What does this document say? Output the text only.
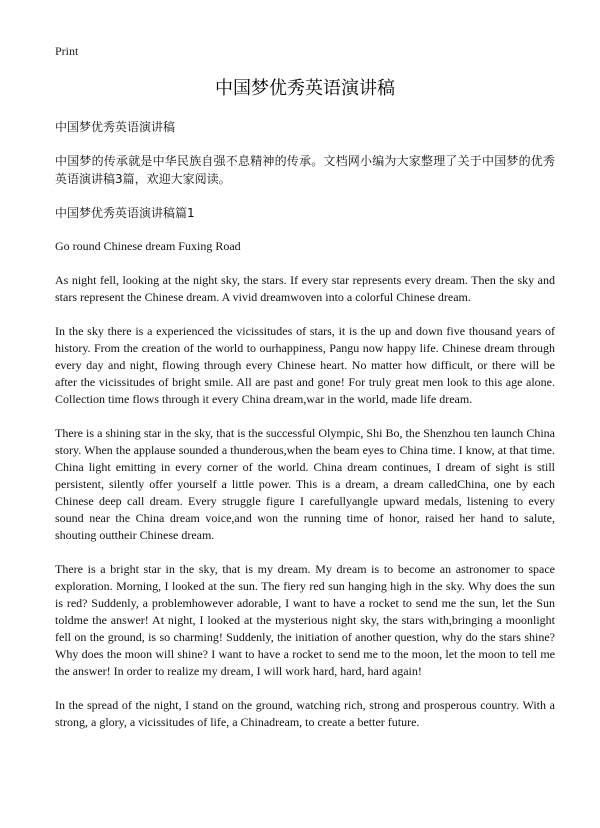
Print
中国梦优秀英语演讲稿

中国梦优秀英语演讲稿

中国梦的传承就是中华民族自强不息精神的传承。文档网小编为大家整理了关于中国梦的优秀英语演讲稿3篇，欢迎大家阅读。

中国梦优秀英语演讲稿篇1

Go round Chinese dream Fuxing Road

As night fell, looking at the night sky, the stars. If every star represents every dream. Then the sky and stars represent the Chinese dream. A vivid dreamwoven into a colorful Chinese dream.

In the sky there is a experienced the vicissitudes of stars, it is the up and down five thousand years of history. From the creation of the world to ourhappiness, Pangu now happy life. Chinese dream through every day and night, flowing through every Chinese heart. No matter how difficult, or there will be after the vicissitudes of bright smile. All are past and gone! For truly great men look to this age alone. Collection time flows through it every China dream,war in the world, made life dream.

There is a shining star in the sky, that is the successful Olympic, Shi Bo, the Shenzhou ten launch China story. When the applause sounded a thunderous,when the beam eyes to China time. I know, at that time. China light emitting in every corner of the world. China dream continues, I dream of sight is still persistent, silently offer yourself a little power. This is a dream, a dream calledChina, one by each Chinese deep call dream. Every struggle figure I carefullyangle upward medals, listening to every sound near the China dream voice,and won the running time of honor, raised her hand to salute, shouting outtheir Chinese dream.

There is a bright star in the sky, that is my dream. My dream is to become an astronomer to space exploration. Morning, I looked at the sun. The fiery red sun hanging high in the sky. Why does the sun is red? Suddenly, a problemhowever adorable, I want to have a rocket to send me the sun, let the Sun toldme the answer! At night, I looked at the mysterious night sky, the stars with,bringing a moonlight fell on the ground, is so charming! Suddenly, the initiation of another question, why do the stars shine? Why does the moon will shine? I want to have a rocket to send me to the moon, let the moon to tell me the answer! In order to realize my dream, I will work hard, hard, hard again!

In the spread of the night, I stand on the ground, watching rich, strong and prosperous country. With a strong, a glory, a vicissitudes of life, a Chinadream, to create a better future.
